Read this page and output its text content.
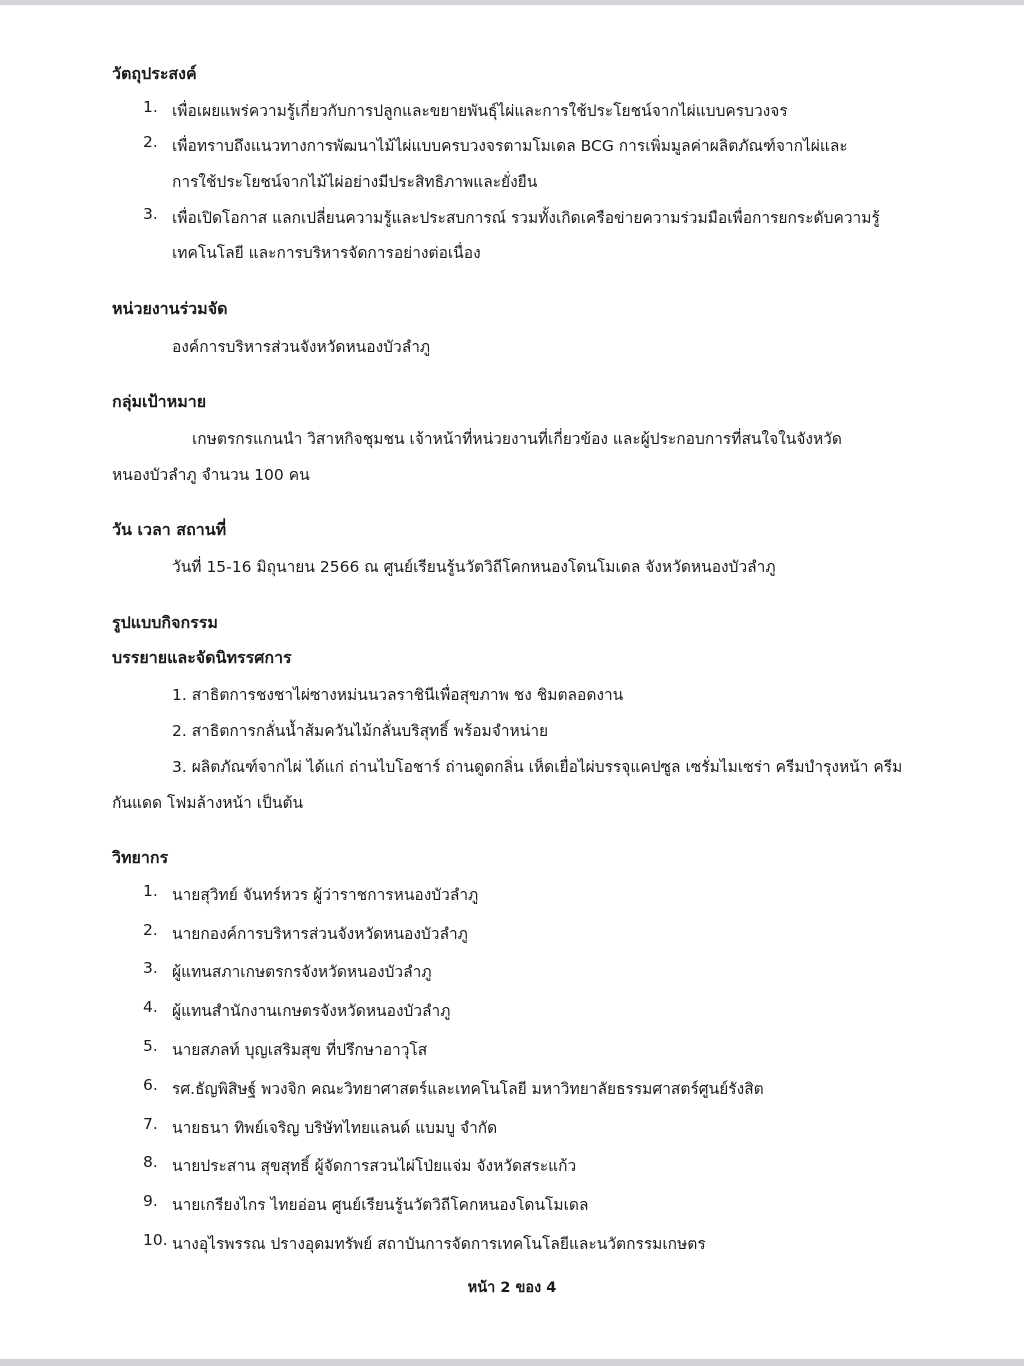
วัตถุประสงค์
1. เพื่อเผยแพร่ความรู้เกี่ยวกับการปลูกและขยายพันธุ์ไผ่และการใช้ประโยชน์จากไผ่แบบครบวงจร
2. เพื่อทราบถึงแนวทางการพัฒนาไม้ไผ่แบบครบวงจรตามโมเดล BCG การเพิ่มมูลค่าผลิตภัณฑ์จากไผ่และ
การใช้ประโยชน์จากไม้ไผ่อย่างมีประสิทธิภาพและยั่งยืน
3. เพื่อเปิดโอกาส แลกเปลี่ยนความรู้และประสบการณ์ รวมทั้งเกิดเครือข่ายความร่วมมือเพื่อการยกระดับความรู้
เทคโนโลยี และการบริหารจัดการอย่างต่อเนื่อง
หน่วยงานร่วมจัด
องค์การบริหารส่วนจังหวัดหนองบัวลำภู
กลุ่มเป้าหมาย
เกษตรกรแกนนำ วิสาหกิจชุมชน เจ้าหน้าที่หน่วยงานที่เกี่ยวข้อง และผู้ประกอบการที่สนใจในจังหวัด
หนองบัวลำภู จำนวน 100 คน
วัน เวลา สถานที่
วันที่ 15-16 มิถุนายน 2566 ณ ศูนย์เรียนรู้นวัตวิถีโคกหนองโดนโมเดล จังหวัดหนองบัวลำภู
รูปแบบกิจกรรม
บรรยายและจัดนิทรรศการ
1. สาธิตการชงชาไผ่ซางหม่นนวลราชินีเพื่อสุขภาพ ชง ชิมตลอดงาน
2. สาธิตการกลั่นน้ำส้มควันไม้กลั่นบริสุทธิ์ พร้อมจำหน่าย
3. ผลิตภัณฑ์จากไผ่ ได้แก่ ถ่านไบโอชาร์ ถ่านดูดกลิ่น เห็ดเยื่อไผ่บรรจุแคปซูล เซรั่มไมเซร่า ครีมบำรุงหน้า ครีม
กันแดด โฟมล้างหน้า เป็นต้น
วิทยากร
1. นายสุวิทย์ จันทร์หวร ผู้ว่าราชการหนองบัวลำภู
2. นายกองค์การบริหารส่วนจังหวัดหนองบัวลำภู
3. ผู้แทนสภาเกษตรกรจังหวัดหนองบัวลำภู
4. ผู้แทนสำนักงานเกษตรจังหวัดหนองบัวลำภู
5. นายสภลท์ บุญเสริมสุข ที่ปรึกษาอาวุโส
6. รศ.ธัญพิสิษฐ์ พวงจิก คณะวิทยาศาสตร์และเทคโนโลยี มหาวิทยาลัยธรรมศาสตร์ศูนย์รังสิต
7. นายธนา ทิพย์เจริญ บริษัทไทยแลนด์ แบมบู จำกัด
8. นายประสาน สุขสุทธิ์ ผู้จัดการสวนไผ่โป่ยแจ่ม จังหวัดสระแก้ว
9. นายเกรียงไกร ไทยอ่อน ศูนย์เรียนรู้นวัตวิถีโคกหนองโดนโมเดล
10. นางอุไรพรรณ ปรางอุดมทรัพย์ สถาบันการจัดการเทคโนโลยีและนวัตกรรมเกษตร
หน้า 2 ของ 4
